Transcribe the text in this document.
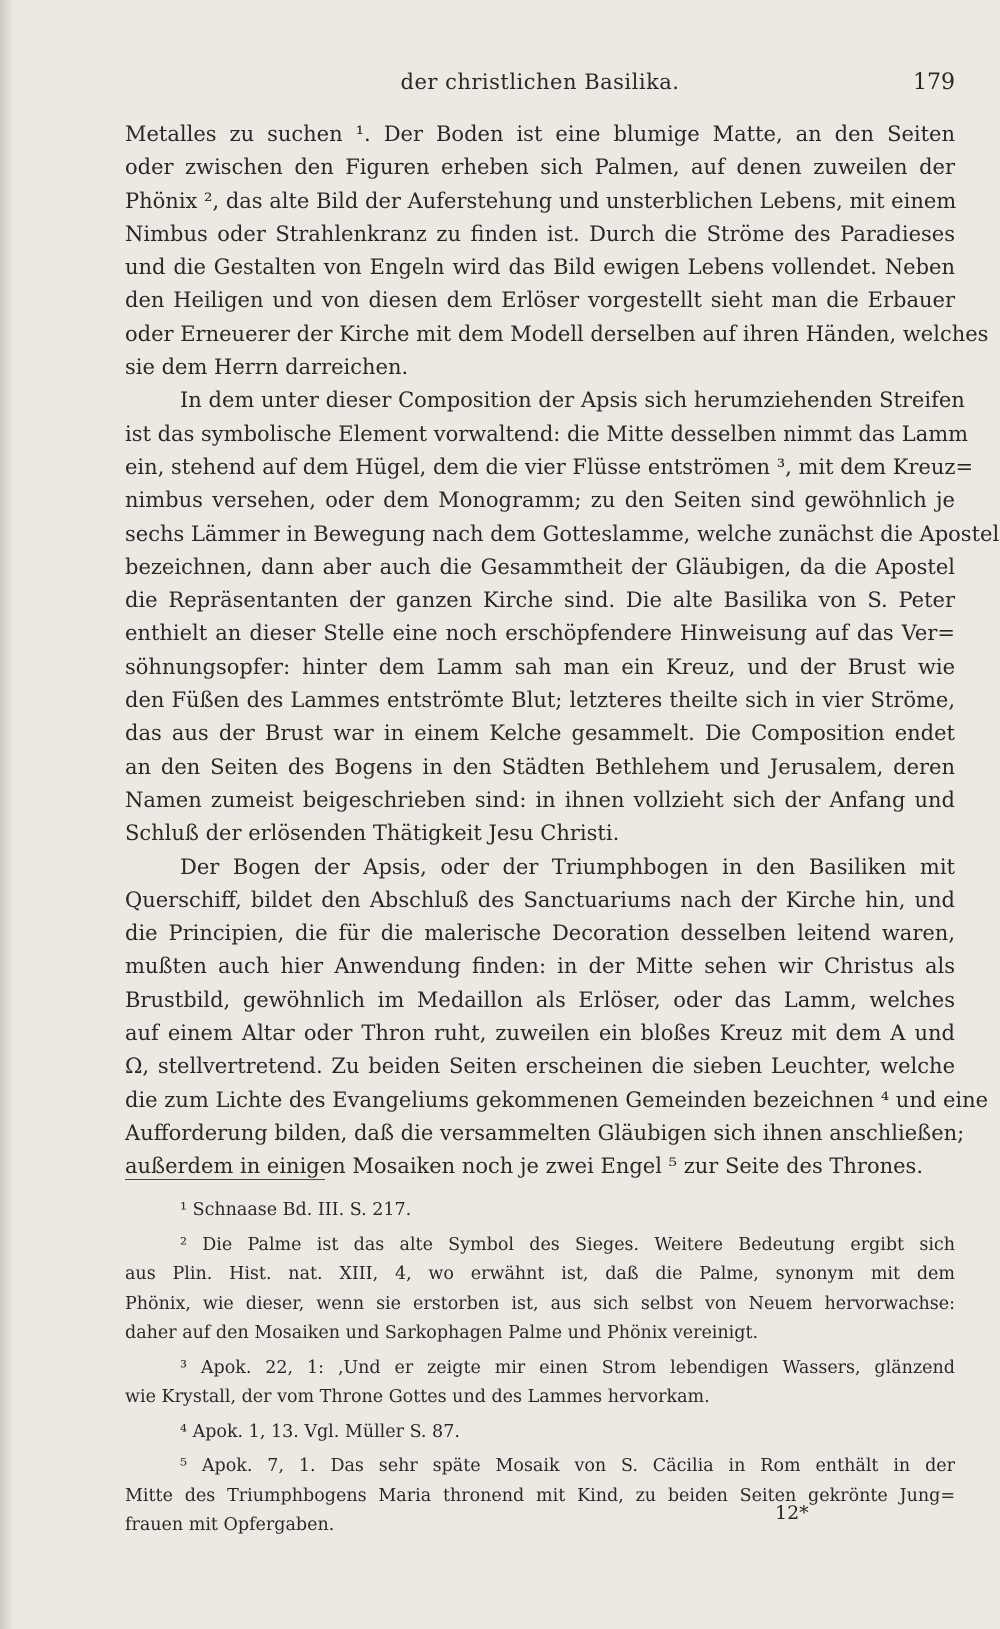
der christlichen Basilika.	179
Metalles zu suchen ¹. Der Boden ist eine blumige Matte, an den Seiten
oder zwischen den Figuren erheben sich Palmen, auf denen zuweilen der
Phönix ², das alte Bild der Auferstehung und unsterblichen Lebens, mit einem
Nimbus oder Strahlenkranz zu finden ist. Durch die Ströme des Paradieses
und die Gestalten von Engeln wird das Bild ewigen Lebens vollendet. Neben
den Heiligen und von diesen dem Erlöser vorgestellt sieht man die Erbauer
oder Erneuerer der Kirche mit dem Modell derselben auf ihren Händen, welches
sie dem Herrn darreichen.
In dem unter dieser Composition der Apsis sich herumziehenden Streifen
ist das symbolische Element vorwaltend: die Mitte desselben nimmt das Lamm
ein, stehend auf dem Hügel, dem die vier Flüsse entströmen ³, mit dem Kreuz=
nimbus versehen, oder dem Monogramm; zu den Seiten sind gewöhnlich je
sechs Lämmer in Bewegung nach dem Gotteslamme, welche zunächst die Apostel
bezeichnen, dann aber auch die Gesammtheit der Gläubigen, da die Apostel
die Repräsentanten der ganzen Kirche sind. Die alte Basilika von S. Peter
enthielt an dieser Stelle eine noch erschöpfendere Hinweisung auf das Ver=
söhnungsopfer: hinter dem Lamm sah man ein Kreuz, und der Brust wie
den Füßen des Lammes entströmte Blut; letzteres theilte sich in vier Ströme,
das aus der Brust war in einem Kelche gesammelt. Die Composition endet
an den Seiten des Bogens in den Städten Bethlehem und Jerusalem, deren
Namen zumeist beigeschrieben sind: in ihnen vollzieht sich der Anfang und
Schluß der erlösenden Thätigkeit Jesu Christi.
Der Bogen der Apsis, oder der Triumphbogen in den Basiliken mit
Querschiff, bildet den Abschluß des Sanctuariums nach der Kirche hin, und
die Principien, die für die malerische Decoration desselben leitend waren,
mußten auch hier Anwendung finden: in der Mitte sehen wir Christus als
Brustbild, gewöhnlich im Medaillon als Erlöser, oder das Lamm, welches
auf einem Altar oder Thron ruht, zuweilen ein bloßes Kreuz mit dem A und
Ω, stellvertretend. Zu beiden Seiten erscheinen die sieben Leuchter, welche
die zum Lichte des Evangeliums gekommenen Gemeinden bezeichnen ⁴ und eine
Aufforderung bilden, daß die versammelten Gläubigen sich ihnen anschließen;
außerdem in einigen Mosaiken noch je zwei Engel ⁵ zur Seite des Thrones.
¹ Schnaase Bd. III. S. 217.
² Die Palme ist das alte Symbol des Sieges. Weitere Bedeutung ergibt sich
aus Plin. Hist. nat. XIII, 4, wo erwähnt ist, daß die Palme, synonym mit dem
Phönix, wie dieser, wenn sie erstorben ist, aus sich selbst von Neuem hervorwachse:
daher auf den Mosaiken und Sarkophagen Palme und Phönix vereinigt.
³ Apok. 22, 1: ‚Und er zeigte mir einen Strom lebendigen Wassers, glänzend
wie Krystall, der vom Throne Gottes und des Lammes hervorkam.
⁴ Apok. 1, 13. Vgl. Müller S. 87.
⁵ Apok. 7, 1. Das sehr späte Mosaik von S. Cäcilia in Rom enthält in der
Mitte des Triumphbogens Maria thronend mit Kind, zu beiden Seiten gekrönte Jung=
frauen mit Opfergaben.
12*
